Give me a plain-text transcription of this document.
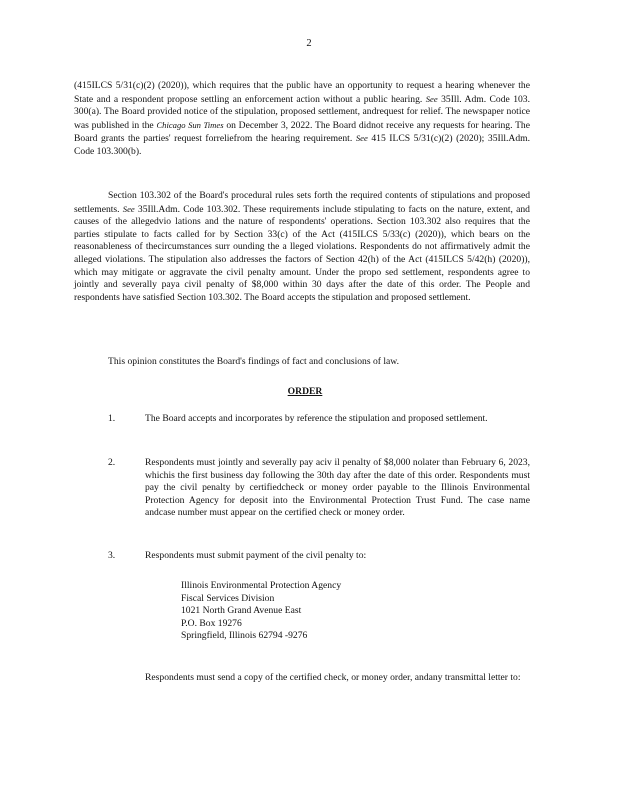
2

(415ILCS 5/31(c)(2) (2020)), which requires that the public have an opportunity to request a hearing whenever the State and a respondent propose settling an enforcement action without a public hearing. See 35Ill. Adm. Code 103. 300(a). The Board provided notice of the stipulation, proposed settlement, andrequest for relief. The newspaper notice was published in the Chicago Sun Times on December 3, 2022. The Board didnot receive any requests for hearing. The Board grants the parties' request forreliefrom the hearing requirement. See 415 ILCS 5/31(c)(2) (2020); 35Ill.Adm. Code 103.300(b).

Section 103.302 of the Board's procedural rules sets forth the required contents of stipulations and proposed settlements. See 35Ill.Adm. Code 103.302. These requirements include stipulating to facts on the nature, extent, and causes of the allegedvio lations and the nature of respondents' operations. Section 103.302 also requires that the parties stipulate to facts called for by Section 33(c) of the Act (415ILCS 5/33(c) (2020)), which bears on the reasonableness of thecircumstances surr ounding the a lleged violations. Respondents do not affirmatively admit the alleged violations. The stipulation also addresses the factors of Section 42(h) of the Act (415ILCS 5/42(h) (2020)), which may mitigate or aggravate the civil penalty amount. Under the propo sed settlement, respondents agree to jointly and severally paya civil penalty of $8,000 within 30 days after the date of this order. The People and respondents have satisfied Section 103.302. The Board accepts the stipulation and proposed settlement.

This opinion constitutes the Board's findings of fact and conclusions of law.

ORDER
1.	The Board accepts and incorporates by reference the stipulation and proposed settlement.
2.	Respondents must jointly and severally pay aciv il penalty of $8,000 nolater than February 6, 2023, whichis the first business day following the 30th day after the date of this order. Respondents must pay the civil penalty by certifiedcheck or money order payable to the Illinois Environmental Protection Agency for deposit into the Environmental Protection Trust Fund. The case name andcase number must appear on the certified check or money order.
3.	Respondents must submit payment of the civil penalty to:
Illinois Environmental Protection Agency
Fiscal Services Division
1021 North Grand Avenue East
P.O. Box 19276
Springfield, Illinois 62794 -9276

Respondents must send a copy of the certified check, or money order, andany transmittal letter to:
